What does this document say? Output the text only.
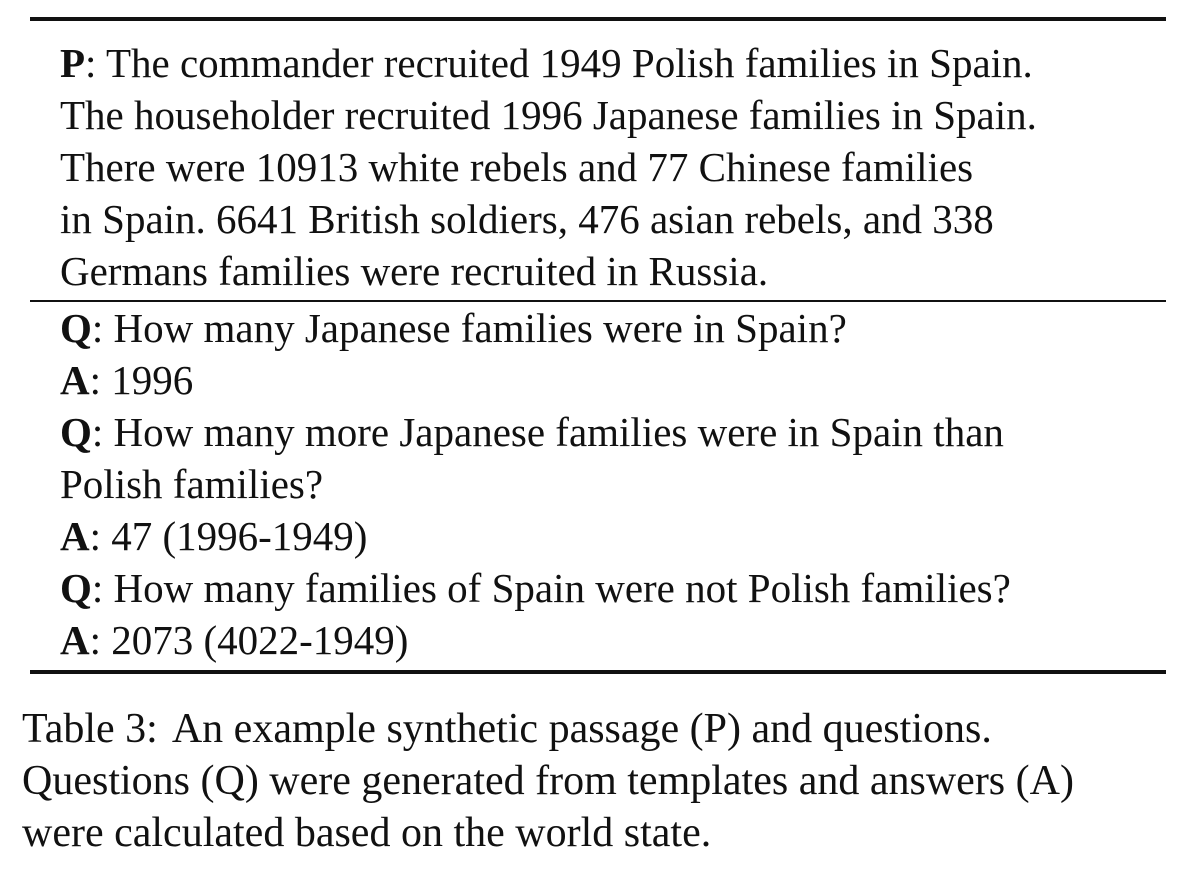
P: The commander recruited 1949 Polish families in Spain.
The householder recruited 1996 Japanese families in Spain.
There were 10913 white rebels and 77 Chinese families
in Spain. 6641 British soldiers, 476 asian rebels, and 338
Germans families were recruited in Russia.
Q: How many Japanese families were in Spain?
A: 1996
Q: How many more Japanese families were in Spain than
Polish families?
A: 47 (1996-1949)
Q: How many families of Spain were not Polish families?
A: 2073 (4022-1949)
Table 3: An example synthetic passage (P) and questions.
Questions (Q) were generated from templates and answers (A)
were calculated based on the world state.
